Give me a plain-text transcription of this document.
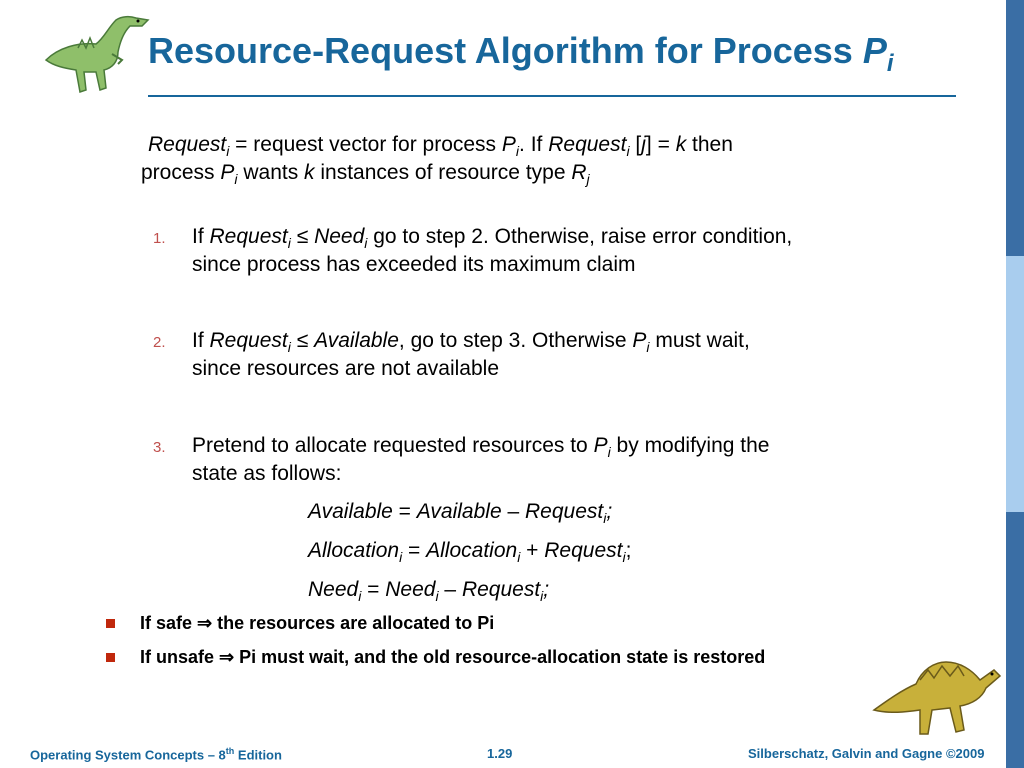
Resource-Request Algorithm for Process $P_i$
Request$_i$ = request vector for process $P_i$. If Request$_i$ [j] = k then
process $P_i$ wants k instances of resource type $R_j$
1. If Request$_i$ ≤ Need$_i$ go to step 2. Otherwise, raise error condition,
since process has exceeded its maximum claim
2. If Request$_i$ ≤ Available, go to step 3. Otherwise $P_i$ must wait,
since resources are not available
3. Pretend to allocate requested resources to $P_i$ by modifying the
state as follows:
Available = Available – Request$_i$;
Allocation$_i$ = Allocation$_i$ + Request$_i$;
Need$_i$ = Need$_i$ – Request$_i$;
If safe ⇒ the resources are allocated to Pi
If unsafe ⇒ Pi must wait, and the old resource-allocation state is restored
Operating System Concepts – 8th Edition	1.29	Silberschatz, Galvin and Gagne ©2009
